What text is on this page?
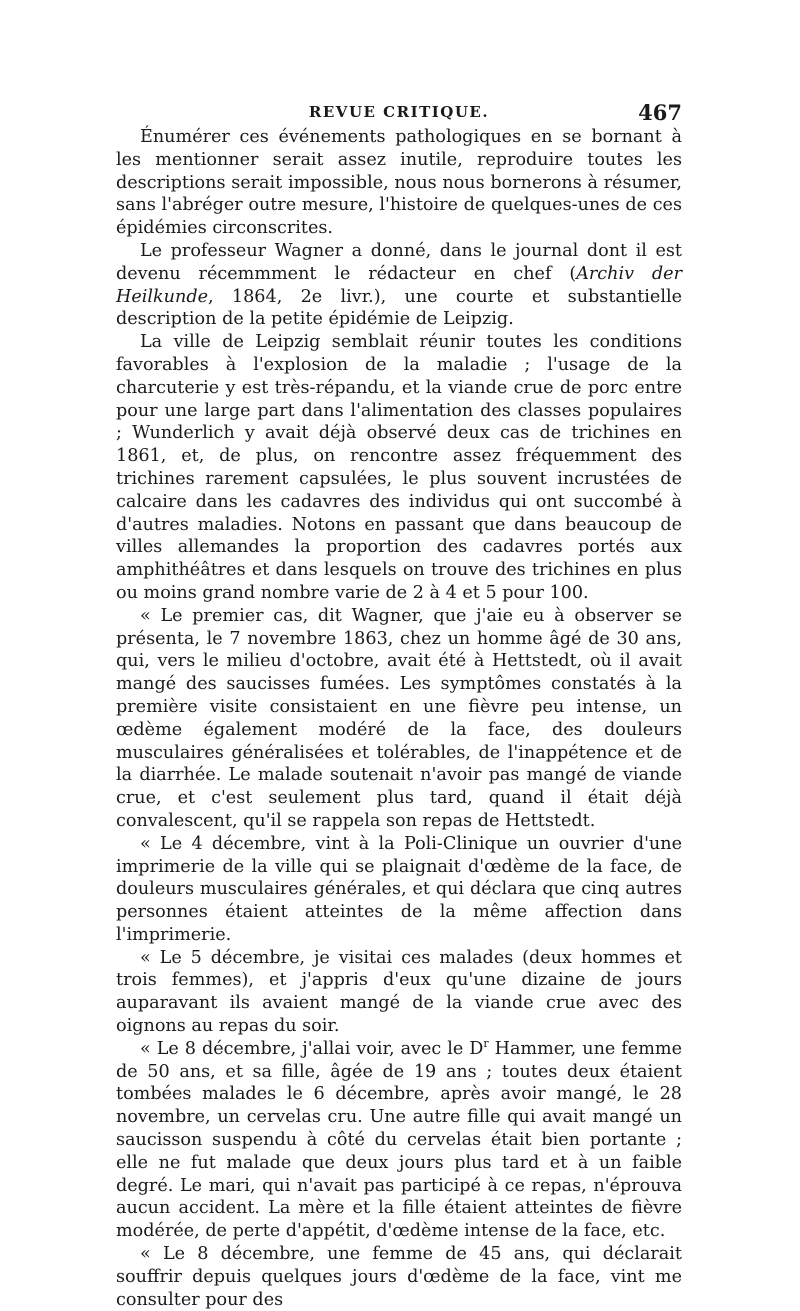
REVUE CRITIQUE.	467

Énumérer ces événements pathologiques en se bornant à les mentionner serait assez inutile, reproduire toutes les descriptions serait impossible, nous nous bornerons à résumer, sans l'abréger outre mesure, l'histoire de quelques-unes de ces épidémies circonscrites.

Le professeur Wagner a donné, dans le journal dont il est devenu récemmment le rédacteur en chef (Archiv der Heilkunde, 1864, 2e livr.), une courte et substantielle description de la petite épidémie de Leipzig.

La ville de Leipzig semblait réunir toutes les conditions favorables à l'explosion de la maladie ; l'usage de la charcuterie y est très-répandu, et la viande crue de porc entre pour une large part dans l'alimentation des classes populaires ; Wunderlich y avait déjà observé deux cas de trichines en 1861, et, de plus, on rencontre assez fréquemment des trichines rarement capsulées, le plus souvent incrustées de calcaire dans les cadavres des individus qui ont succombé à d'autres maladies. Notons en passant que dans beaucoup de villes allemandes la proportion des cadavres portés aux amphithéâtres et dans lesquels on trouve des trichines en plus ou moins grand nombre varie de 2 à 4 et 5 pour 100.

« Le premier cas, dit Wagner, que j'aie eu à observer se présenta, le 7 novembre 1863, chez un homme âgé de 30 ans, qui, vers le milieu d'octobre, avait été à Hettstedt, où il avait mangé des saucisses fumées. Les symptômes constatés à la première visite consistaient en une fièvre peu intense, un œdème également modéré de la face, des douleurs musculaires généralisées et tolérables, de l'inappétence et de la diarrhée. Le malade soutenait n'avoir pas mangé de viande crue, et c'est seulement plus tard, quand il était déjà convalescent, qu'il se rappela son repas de Hettstedt.

« Le 4 décembre, vint à la Poli-Clinique un ouvrier d'une imprimerie de la ville qui se plaignait d'œdème de la face, de douleurs musculaires générales, et qui déclara que cinq autres personnes étaient atteintes de la même affection dans l'imprimerie.

« Le 5 décembre, je visitai ces malades (deux hommes et trois femmes), et j'appris d'eux qu'une dizaine de jours auparavant ils avaient mangé de la viande crue avec des oignons au repas du soir.

« Le 8 décembre, j'allai voir, avec le $D^r$ Hammer, une femme de 50 ans, et sa fille, âgée de 19 ans ; toutes deux étaient tombées malades le 6 décembre, après avoir mangé, le 28 novembre, un cervelas cru. Une autre fille qui avait mangé un saucisson suspendu à côté du cervelas était bien portante ; elle ne fut malade que deux jours plus tard et à un faible degré. Le mari, qui n'avait pas participé à ce repas, n'éprouva aucun accident. La mère et la fille étaient atteintes de fièvre modérée, de perte d'appétit, d'œdème intense de la face, etc.

« Le 8 décembre, une femme de 45 ans, qui déclarait souffrir depuis quelques jours d'œdème de la face, vint me consulter pour des
